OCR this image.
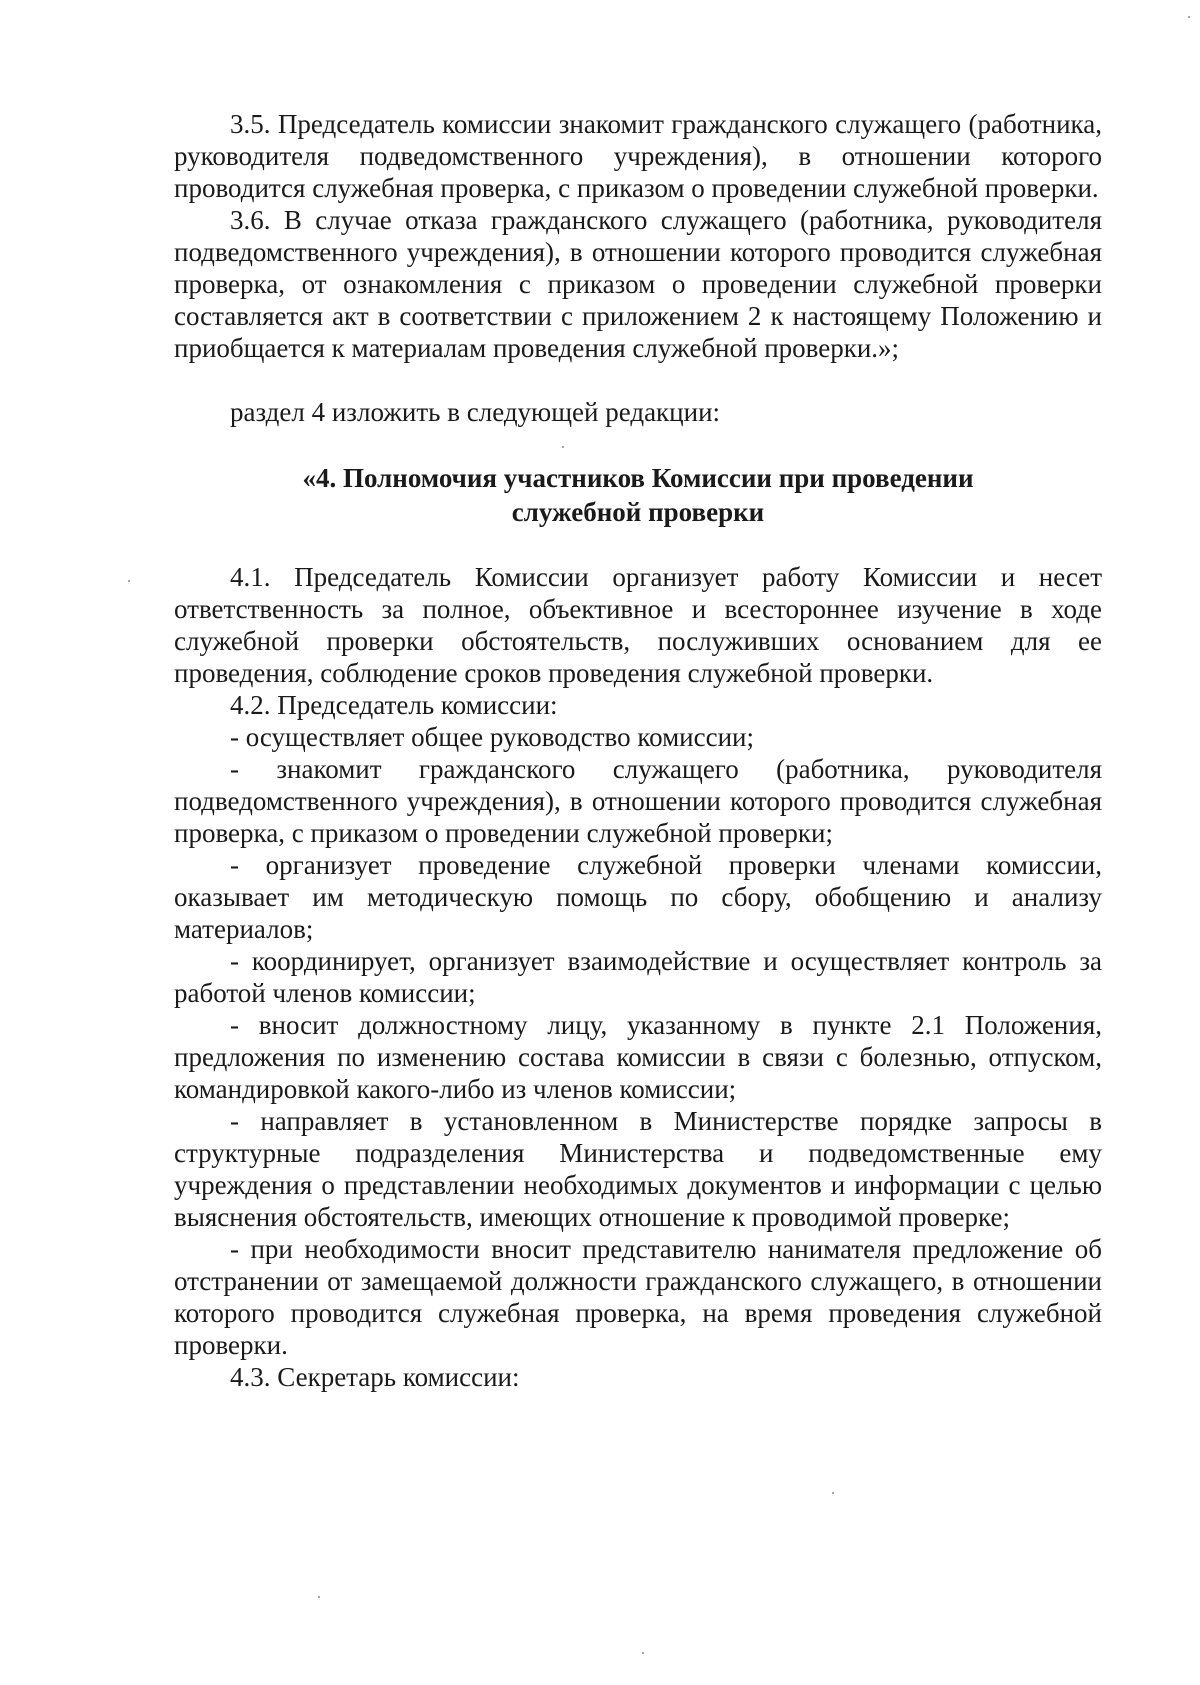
3.5. Председатель комиссии знакомит гражданского служащего (работника, руководителя подведомственного учреждения), в отношении которого проводится служебная проверка, с приказом о проведении служебной проверки.

3.6. В случае отказа гражданского служащего (работника, руководителя подведомственного учреждения), в отношении которого проводится служебная проверка, от ознакомления с приказом о проведении служебной проверки составляется акт в соответствии с приложением 2 к настоящему Положению и приобщается к материалам проведения служебной проверки.»;

раздел 4 изложить в следующей редакции:

«4. Полномочия участников Комиссии при проведении
служебной проверки

4.1. Председатель Комиссии организует работу Комиссии и несет ответственность за полное, объективное и всестороннее изучение в ходе служебной проверки обстоятельств, послуживших основанием для ее проведения, соблюдение сроков проведения служебной проверки.

4.2. Председатель комиссии:

- осуществляет общее руководство комиссии;

- знакомит гражданского служащего (работника, руководителя подведомственного учреждения), в отношении которого проводится служебная проверка, с приказом о проведении служебной проверки;

- организует проведение служебной проверки членами комиссии, оказывает им методическую помощь по сбору, обобщению и анализу материалов;

- координирует, организует взаимодействие и осуществляет контроль за работой членов комиссии;

- вносит должностному лицу, указанному в пункте 2.1 Положения, предложения по изменению состава комиссии в связи с болезнью, отпуском, командировкой какого-либо из членов комиссии;

- направляет в установленном в Министерстве порядке запросы в структурные подразделения Министерства и подведомственные ему учреждения о представлении необходимых документов и информации с целью выяснения обстоятельств, имеющих отношение к проводимой проверке;

- при необходимости вносит представителю нанимателя предложение об отстранении от замещаемой должности гражданского служащего, в отношении которого проводится служебная проверка, на время проведения служебной проверки.

4.3. Секретарь комиссии:
